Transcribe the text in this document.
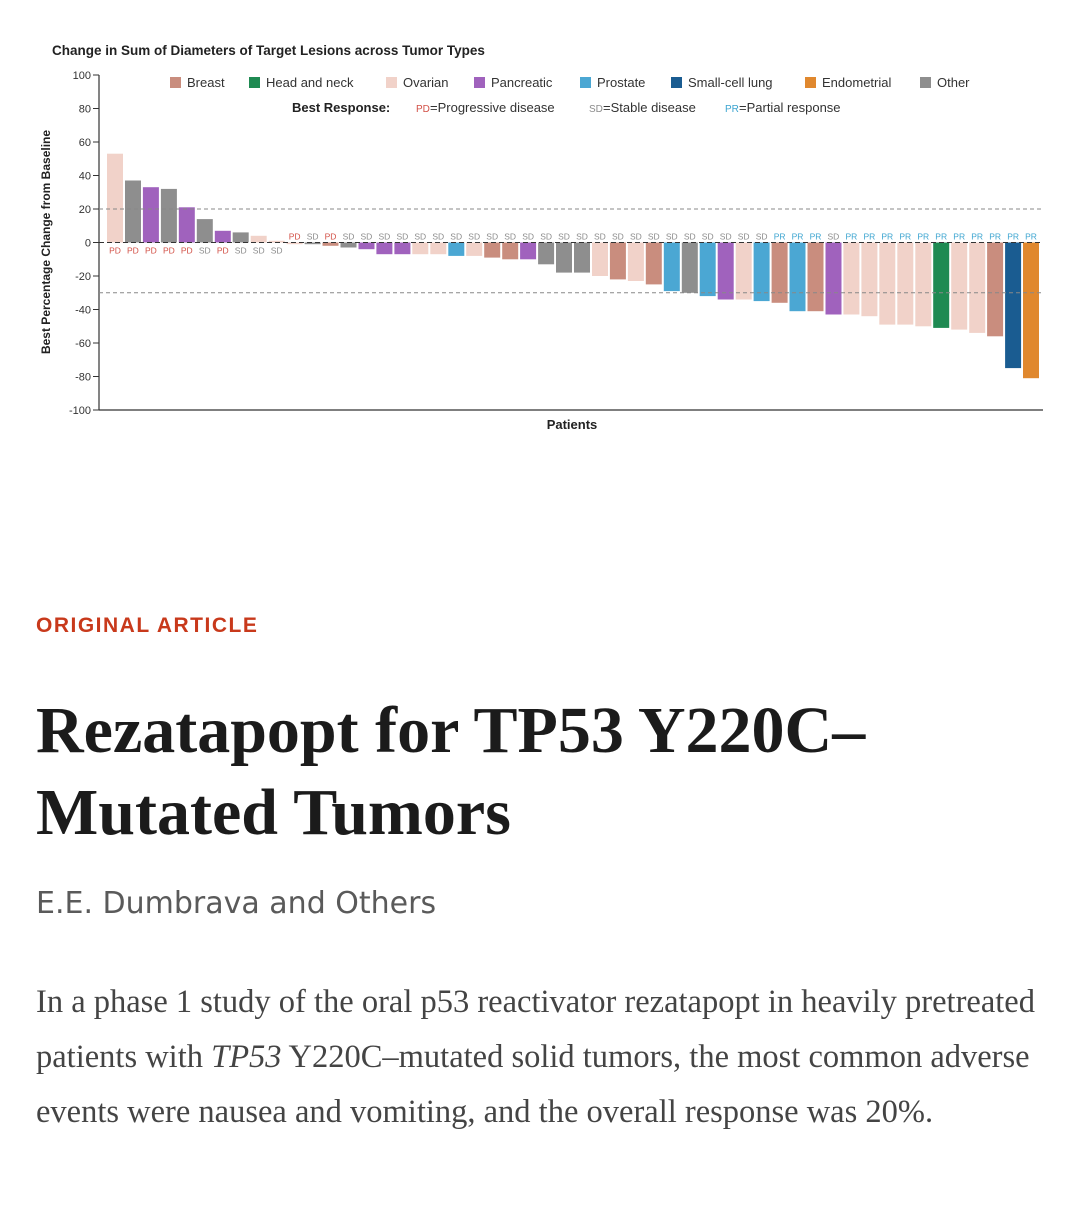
Change in Sum of Diameters of Target Lesions across Tumor Types
Best Percentage Change from Baseline
100
80
60
40
20
0
-20
-40
-60
-80
-100
Patients
PD PD PD PD PD SD PD SD SD SD
PD SD PD SD SD SD SD SD SD SD SD SD SD SD SD SD SD SD SD SD SD SD SD SD SD SD SD PR PR PR SD PR PR PR PR PR PR PR PR PR PR PR
Breast	Head and neck	Ovarian	Pancreatic	Prostate	Small-cell lung	Endometrial	Other
Best Response:	PD =Progressive disease	SD =Stable disease	PR =Partial response
ORIGINAL ARTICLE
Rezatapopt for TP53 Y220C–
Mutated Tumors
E.E. Dumbrava and Others
In a phase 1 study of the oral p53 reactivator rezatapopt in heavily pretreated patients with TP53 Y220C–mutated solid tumors, the most common adverse events were nausea and vomiting, and the overall response was 20%.
